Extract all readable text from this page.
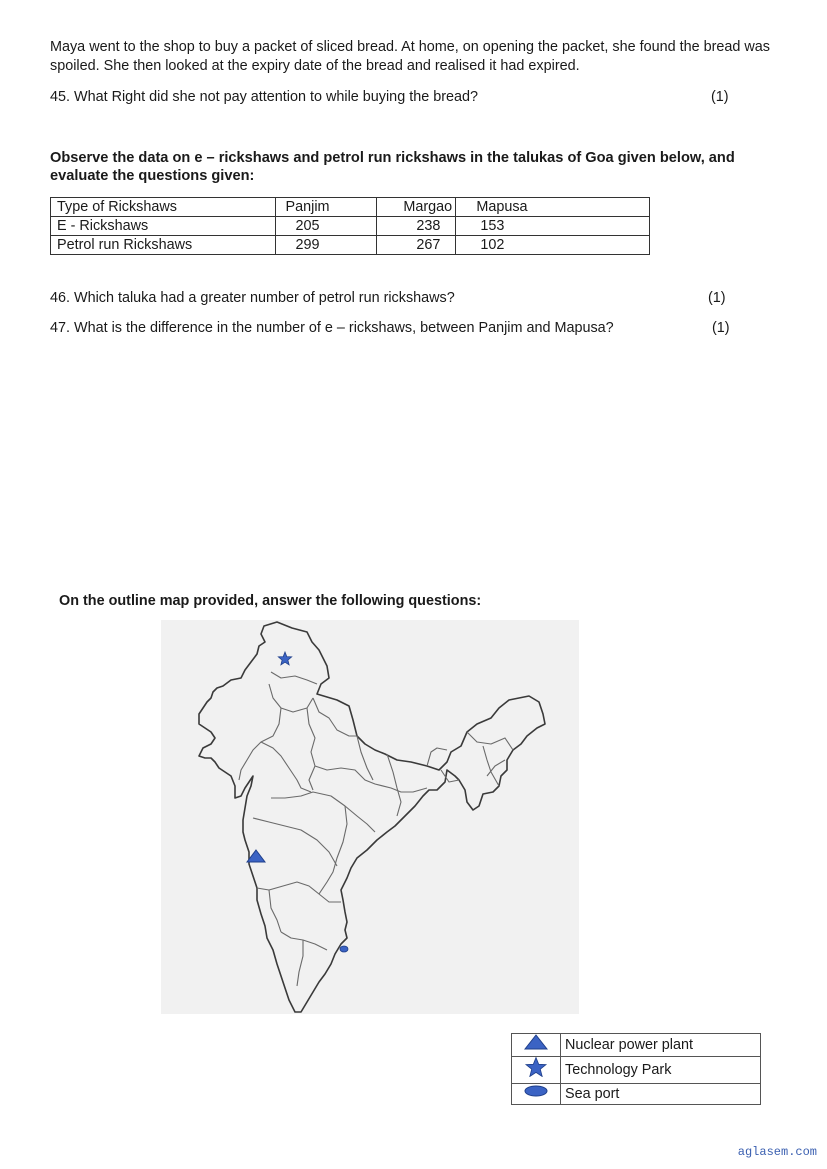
Maya went to the shop to buy a packet of sliced bread. At home, on opening the packet, she found the bread was spoiled. She then looked at the expiry date of the bread and realised it had expired.
45. What Right did she not pay attention to while buying the bread?	(1)
Observe the data on e – rickshaws and petrol run rickshaws in the talukas of Goa given below, and evaluate the questions given:
Type of Rickshaws	Panjim	Margao	Mapusa
E - Rickshaws	205	238	153
Petrol run Rickshaws	299	267	102
46. Which taluka had a greater number of petrol run rickshaws?	(1)
47. What is the difference in the number of e – rickshaws, between Panjim and Mapusa?	(1)
On the outline map provided, answer the following questions:
	Nuclear power plant
	Technology Park
	Sea port
aglasem.com
